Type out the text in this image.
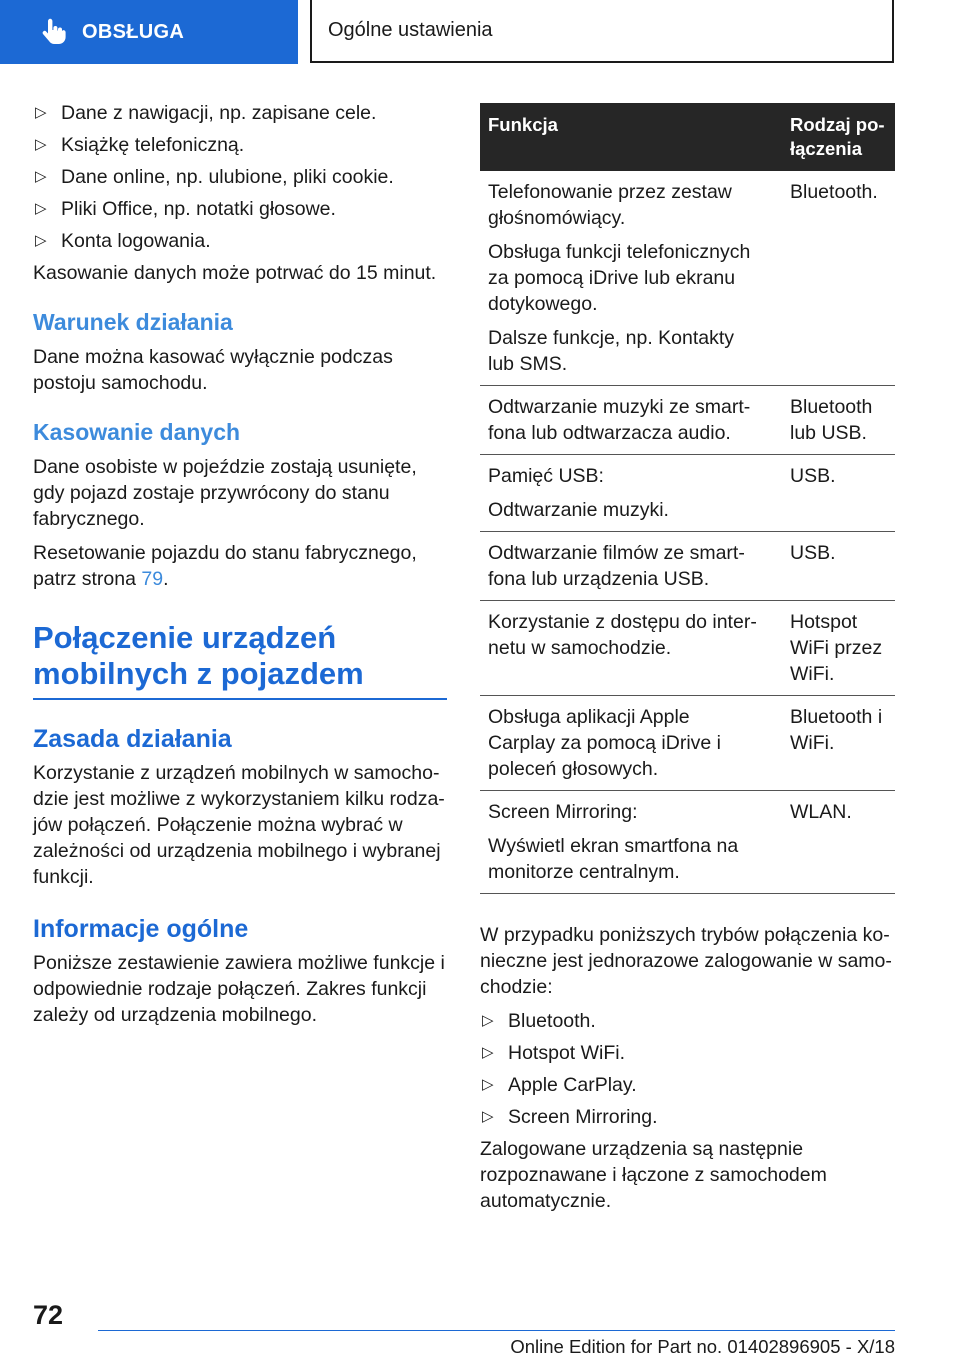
OBSŁUGA	Ogólne ustawienia
▷ Dane z nawigacji, np. zapisane cele.
▷ Książkę telefoniczną.
▷ Dane online, np. ulubione, pliki cookie.
▷ Pliki Office, np. notatki głosowe.
▷ Konta logowania.

Kasowanie danych może potrwać do 15 minut.

Warunek działania

Dane można kasować wyłącznie podczas postoju samochodu.

Kasowanie danych

Dane osobiste w pojeździe zostają usunięte, gdy pojazd zostaje przywrócony do stanu fabrycznego.

Resetowanie pojazdu do stanu fabrycznego, patrz strona 79.

Połączenie urządzeń mobilnych z pojazdem
Zasada działania

Korzystanie z urządzeń mobilnych w samochodzie jest możliwe z wykorzystaniem kilku rodzajów połączeń. Połączenie można wybrać w zależności od urządzenia mobilnego i wybranej funkcji.

Informacje ogólne

Poniższe zestawienie zawiera możliwe funkcje i odpowiednie rodzaje połączeń. Zakres funkcji zależy od urządzenia mobilnego.

Funkcja	Rodzaj połączenia

Telefonowanie przez zestaw głośnomówiący.

Obsługa funkcji telefonicznych za pomocą iDrive lub ekranu dotykowego.

Dalsze funkcje, np. Kontakty lub SMS.	Bluetooth.

Odtwarzanie muzyki ze smartfona lub odtwarzacza audio.	Bluetooth lub USB.

Pamięć USB:

Odtwarzanie muzyki.	USB.

Odtwarzanie filmów ze smartfona lub urządzenia USB.	USB.

Korzystanie z dostępu do internetu w samochodzie.	Hotspot WiFi przez WiFi.

Obsługa aplikacji Apple Carplay za pomocą iDrive i poleceń głosowych.	Bluetooth i WiFi.

Screen Mirroring:

Wyświetl ekran smartfona na monitorze centralnym.	WLAN.

W przypadku poniższych trybów połączenia konieczne jest jednorazowe zalogowanie w samochodzie:

▷ Bluetooth.
▷ Hotspot WiFi.
▷ Apple CarPlay.
▷ Screen Mirroring.

Zalogowane urządzenia są następnie rozpoznawane i łączone z samochodem automatycznie.

72
Online Edition for Part no. 01402896905 - X/18
